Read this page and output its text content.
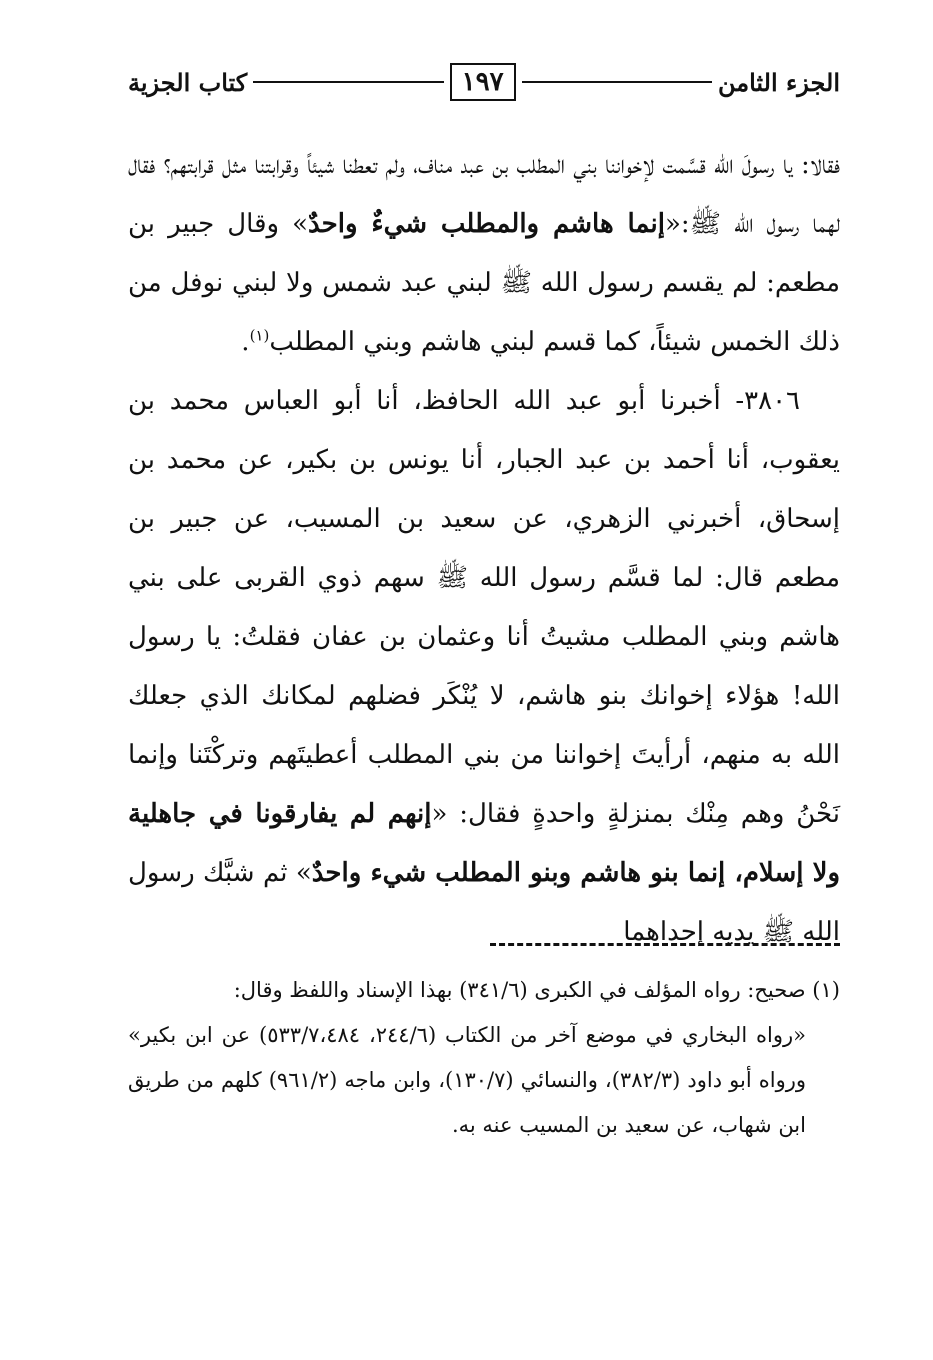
الجزء الثامن
١٩٧
كتاب الجزية

فقالا: يا رسولَ الله قسَّمت لإخواننا بني المطلب بن عبد مناف، ولم تعطنا شيئاً وقرابتنا مثل قرابتهم؟ فقال لهما رسول الله ﷺ:«إنما هاشم والمطلب شيءٌ واحدٌ» وقال جبير بن مطعم: لم يقسم رسول الله ﷺ لبني عبد شمس ولا لبني نوفل من ذلك الخمس شيئاً، كما قسم لبني هاشم وبني المطلب$^{(١)}$.

٣٨٠٦- أخبرنا أبو عبد الله الحافظ، أنا أبو العباس محمد بن يعقوب، أنا أحمد بن عبد الجبار، أنا يونس بن بكير، عن محمد بن إسحاق، أخبرني الزهري، عن سعيد بن المسيب، عن جبير بن مطعم قال: لما قسَّم رسول الله ﷺ سهم ذوي القربى على بني هاشم وبني المطلب مشيتُ أنا وعثمان بن عفان فقلتُ: يا رسول الله! هؤلاء إخوانك بنو هاشم، لا يُنْكَر فضلهم لمكانك الذي جعلك الله به منهم، أرأيتَ إخواننا من بني المطلب أعطيتَهم وتركْتَنا وإنما نَحْنُ وهم مِنْك بمنزلةٍ واحدةٍ فقال: «إنهم لم يفارقونا في جاهلية ولا إسلام، إنما بنو هاشم وبنو المطلب شيء واحدٌ» ثم شبَّك رسول الله ﷺ يديه إحداهما

(١) صحيح: رواه المؤلف في الكبرى (٣٤١/٦) بهذا الإسناد واللفظ وقال:

«رواه البخاري في موضع آخر من الكتاب (٢٤٤/٦، ٥٣٣/٧،٤٨٤) عن ابن بكير» ورواه أبو داود (٣٨٢/٣)، والنسائي (١٣٠/٧)، وابن ماجه (٩٦١/٢) كلهم من طريق ابن شهاب، عن سعيد بن المسيب عنه به.
